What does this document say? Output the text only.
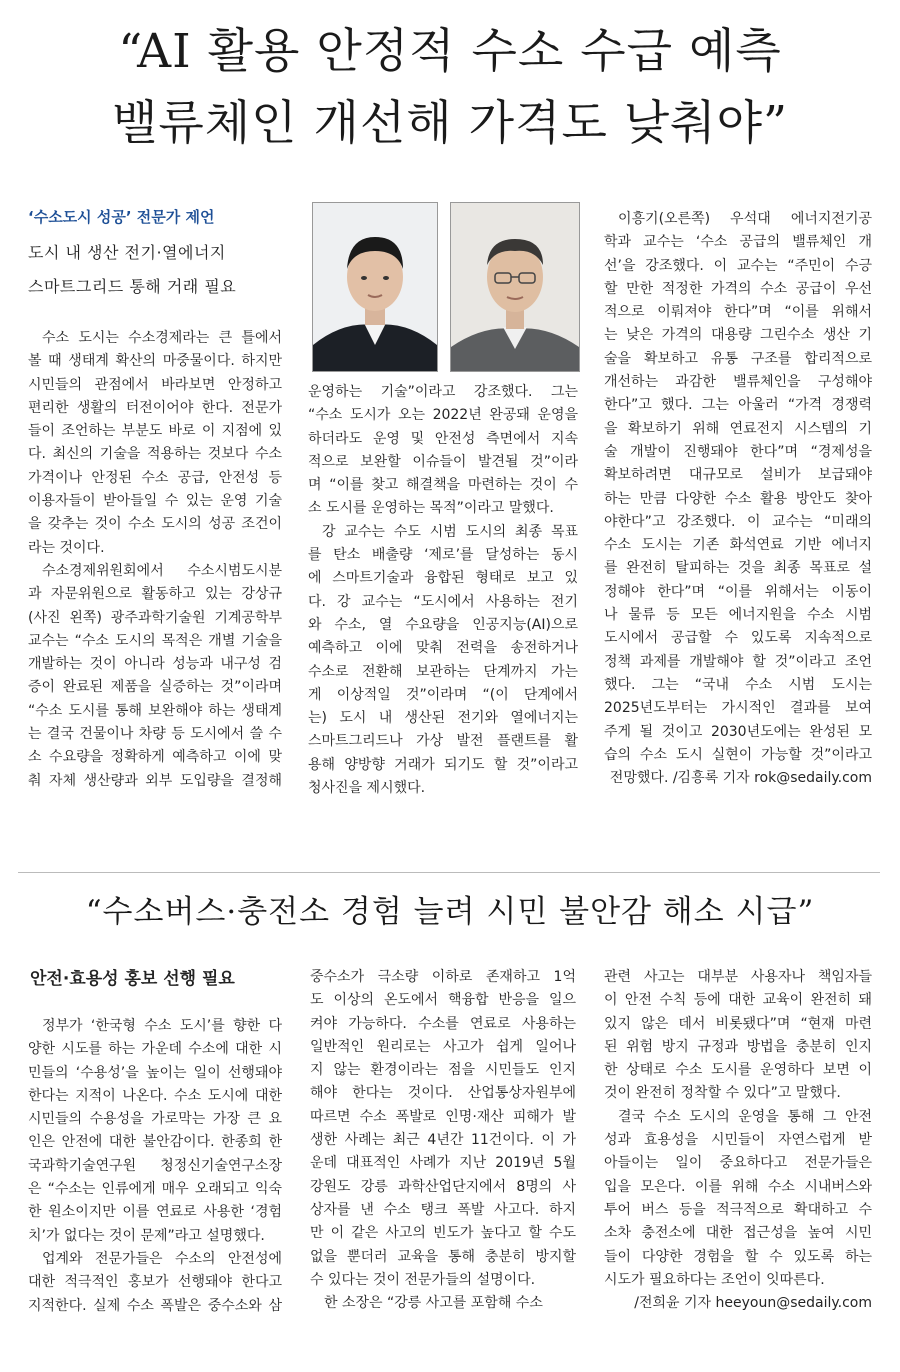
“AI 활용 안정적 수소 수급 예측
밸류체인 개선해 가격도 낮춰야”
‘수소도시 성공’ 전문가 제언
도시 내 생산 전기·열에너지
스마트그리드 통해 거래 필요

수소 도시는 수소경제라는 큰 틀에서

볼 때 생태계 확산의 마중물이다. 하지만

시민들의 관점에서 바라보면 안정하고

편리한 생활의 터전이어야 한다. 전문가

들이 조언하는 부분도 바로 이 지점에 있

다. 최신의 기술을 적용하는 것보다 수소

가격이나 안정된 수소 공급, 안전성 등

이용자들이 받아들일 수 있는 운영 기술

을 갖추는 것이 수소 도시의 성공 조건이

라는 것이다.

수소경제위원회에서 수소시범도시분

과 자문위원으로 활동하고 있는 강상규

(사진 왼쪽) 광주과학기술원 기계공학부

교수는 “수소 도시의 목적은 개별 기술을

개발하는 것이 아니라 성능과 내구성 검

증이 완료된 제품을 실증하는 것”이라며

“수소 도시를 통해 보완해야 하는 생태계

는 결국 건물이나 차량 등 도시에서 쓸 수

소 수요량을 정확하게 예측하고 이에 맞

춰 자체 생산량과 외부 도입량을 결정해

운영하는 기술”이라고 강조했다. 그는

“수소 도시가 오는 2022년 완공돼 운영을

하더라도 운영 및 안전성 측면에서 지속

적으로 보완할 이슈들이 발견될 것”이라

며 “이를 찾고 해결책을 마련하는 것이 수

소 도시를 운영하는 목적”이라고 말했다.

강 교수는 수도 시범 도시의 최종 목표

를 탄소 배출량 ‘제로’를 달성하는 동시

에 스마트기술과 융합된 형태로 보고 있

다. 강 교수는 “도시에서 사용하는 전기

와 수소, 열 수요량을 인공지능(AI)으로

예측하고 이에 맞춰 전력을 송전하거나

수소로 전환해 보관하는 단계까지 가는

게 이상적일 것”이라며 “(이 단계에서

는) 도시 내 생산된 전기와 열에너지는

스마트그리드나 가상 발전 플랜트를 활

용해 양방향 거래가 되기도 할 것”이라고

청사진을 제시했다.

이흥기(오른쪽) 우석대 에너지전기공

학과 교수는 ‘수소 공급의 밸류체인 개

선’을 강조했다. 이 교수는 “주민이 수긍

할 만한 적정한 가격의 수소 공급이 우선

적으로 이뤄져야 한다”며 “이를 위해서

는 낮은 가격의 대용량 그린수소 생산 기

술을 확보하고 유통 구조를 합리적으로

개선하는 과감한 밸류체인을 구성해야

한다”고 했다. 그는 아울러 “가격 경쟁력

을 확보하기 위해 연료전지 시스템의 기

술 개발이 진행돼야 한다”며 “경제성을

확보하려면 대규모로 설비가 보급돼야

하는 만큼 다양한 수소 활용 방안도 찾아

야한다”고 강조했다. 이 교수는 “미래의

수소 도시는 기존 화석연료 기반 에너지

를 완전히 탈피하는 것을 최종 목표로 설

정해야 한다”며 “이를 위해서는 이동이

나 물류 등 모든 에너지원을 수소 시범

도시에서 공급할 수 있도록 지속적으로

정책 과제를 개발해야 할 것”이라고 조언

했다. 그는 “국내 수소 시범 도시는

2025년도부터는 가시적인 결과를 보여

주게 될 것이고 2030년도에는 완성된 모

습의 수소 도시 실현이 가능할 것”이라고

전망했다. /김흥록 기자 rok@sedaily.com

“수소버스·충전소 경험 늘려 시민 불안감 해소 시급”
안전·효용성 홍보 선행 필요

정부가 ‘한국형 수소 도시’를 향한 다

양한 시도를 하는 가운데 수소에 대한 시

민들의 ‘수용성’을 높이는 일이 선행돼야

한다는 지적이 나온다. 수소 도시에 대한

시민들의 수용성을 가로막는 가장 큰 요

인은 안전에 대한 불안감이다. 한종희 한

국과학기술연구원 청정신기술연구소장

은 “수소는 인류에게 매우 오래되고 익숙

한 원소이지만 이를 연료로 사용한 ‘경험

치’가 없다는 것이 문제”라고 설명했다.

업계와 전문가들은 수소의 안전성에

대한 적극적인 홍보가 선행돼야 한다고

지적한다. 실제 수소 폭발은 중수소와 삼

중수소가 극소량 이하로 존재하고 1억

도 이상의 온도에서 핵융합 반응을 일으

켜야 가능하다. 수소를 연료로 사용하는

일반적인 원리로는 사고가 쉽게 일어나

지 않는 환경이라는 점을 시민들도 인지

해야 한다는 것이다. 산업통상자원부에

따르면 수소 폭발로 인명·재산 피해가 발

생한 사례는 최근 4년간 11건이다. 이 가

운데 대표적인 사례가 지난 2019년 5월

강원도 강릉 과학산업단지에서 8명의 사

상자를 낸 수소 탱크 폭발 사고다. 하지

만 이 같은 사고의 빈도가 높다고 할 수도

없을 뿐더러 교육을 통해 충분히 방지할

수 있다는 것이 전문가들의 설명이다.

한 소장은 “강릉 사고를 포함해 수소

관련 사고는 대부분 사용자나 책임자들

이 안전 수칙 등에 대한 교육이 완전히 돼

있지 않은 데서 비롯됐다”며 “현재 마련

된 위험 방지 규정과 방법을 충분히 인지

한 상태로 수소 도시를 운영하다 보면 이

것이 완전히 정착할 수 있다”고 말했다.

결국 수소 도시의 운영을 통해 그 안전

성과 효용성을 시민들이 자연스럽게 받

아들이는 일이 중요하다고 전문가들은

입을 모은다. 이를 위해 수소 시내버스와

투어 버스 등을 적극적으로 확대하고 수

소차 충전소에 대한 접근성을 높여 시민

들이 다양한 경험을 할 수 있도록 하는

시도가 필요하다는 조언이 잇따른다.

/전희윤 기자 heeyoun@sedaily.com
